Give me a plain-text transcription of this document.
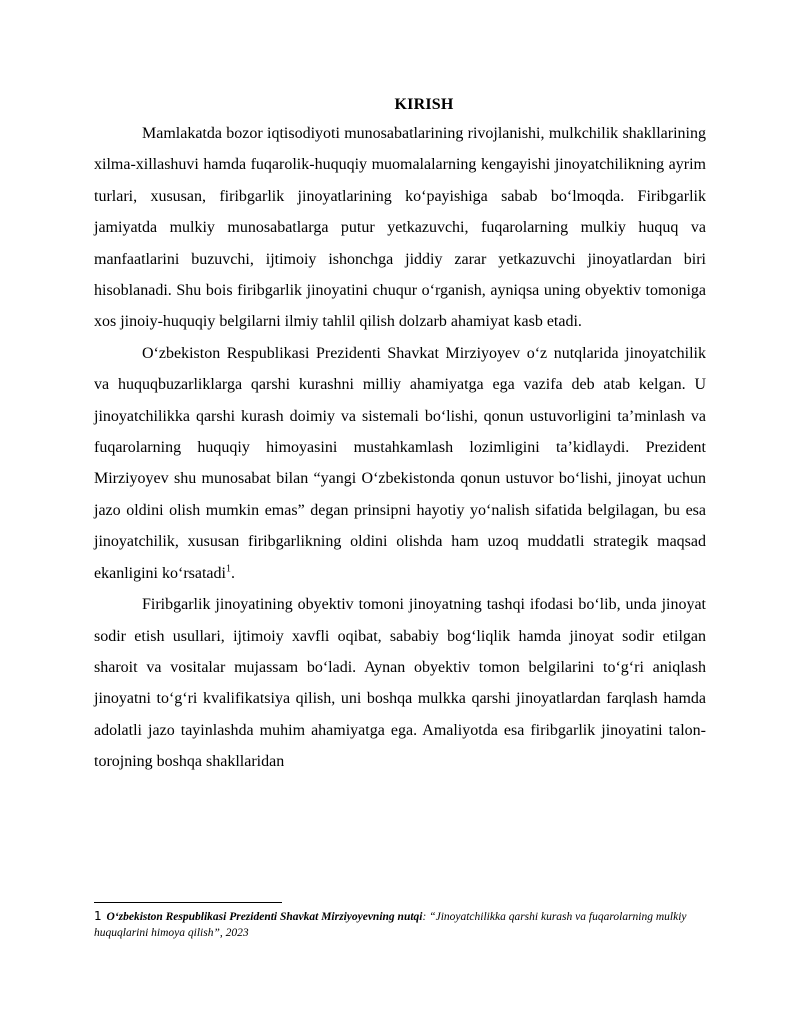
KIRISH

Mamlakatda bozor iqtisodiyoti munosabatlarining rivojlanishi, mulkchilik shakllarining xilma-xillashuvi hamda fuqarolik-huquqiy muomalalarning kengayishi jinoyatchilikning ayrim turlari, xususan, firibgarlik jinoyatlarining ko‘payishiga sabab bo‘lmoqda. Firibgarlik jamiyatda mulkiy munosabatlarga putur yetkazuvchi, fuqarolarning mulkiy huquq va manfaatlarini buzuvchi, ijtimoiy ishonchga jiddiy zarar yetkazuvchi jinoyatlardan biri hisoblanadi. Shu bois firibgarlik jinoyatini chuqur o‘rganish, ayniqsa uning obyektiv tomoniga xos jinoiy-huquqiy belgilarni ilmiy tahlil qilish dolzarb ahamiyat kasb etadi.

O‘zbekiston Respublikasi Prezidenti Shavkat Mirziyoyev o‘z nutqlarida jinoyatchilik va huquqbuzarliklarga qarshi kurashni milliy ahamiyatga ega vazifa deb atab kelgan. U jinoyatchilikka qarshi kurash doimiy va sistemali bo‘lishi, qonun ustuvorligini ta’minlash va fuqarolarning huquqiy himoyasini mustahkamlash lozimligini ta’kidlaydi. Prezident Mirziyoyev shu munosabat bilan “yangi O‘zbekistonda qonun ustuvor bo‘lishi, jinoyat uchun jazo oldini olish mumkin emas” degan prinsipni hayotiy yo‘nalish sifatida belgilagan, bu esa jinoyatchilik, xususan firibgarlikning oldini olishda ham uzoq muddatli strategik maqsad ekanligini ko‘rsatadi$^1$.

Firibgarlik jinoyatining obyektiv tomoni jinoyatning tashqi ifodasi bo‘lib, unda jinoyat sodir etish usullari, ijtimoiy xavfli oqibat, sababiy bog‘liqlik hamda jinoyat sodir etilgan sharoit va vositalar mujassam bo‘ladi. Aynan obyektiv tomon belgilarini to‘g‘ri aniqlash jinoyatni to‘g‘ri kvalifikatsiya qilish, uni boshqa mulkka qarshi jinoyatlardan farqlash hamda adolatli jazo tayinlashda muhim ahamiyatga ega. Amaliyotda esa firibgarlik jinoyatini talon-torojning boshqa shakllaridan

1 O‘zbekiston Respublikasi Prezidenti Shavkat Mirziyoyevning nutqi: “Jinoyatchilikka qarshi kurash va fuqarolarning mulkiy huquqlarini himoya qilish”, 2023
